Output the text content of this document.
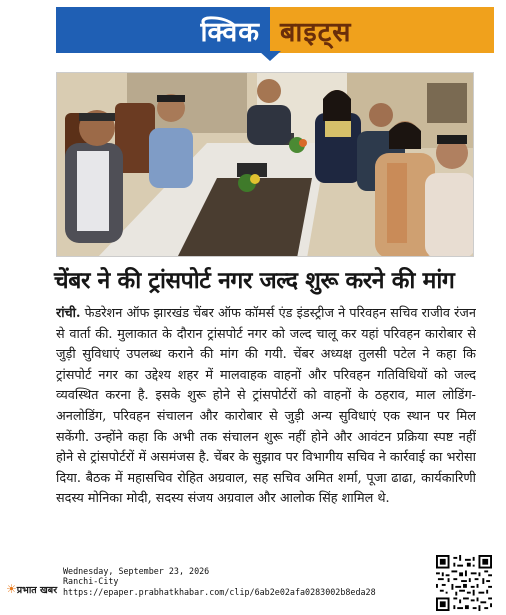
क्विक बाइट्स
चेंबर ने की ट्रांसपोर्ट नगर जल्द शुरू करने की मांग
रांची. फेडरेशन ऑफ झारखंड चेंबर ऑफ कॉमर्स एंड इंडस्ट्रीज ने परिवहन सचिव राजीव रंजन से वार्ता की. मुलाकात के दौरान ट्रांसपोर्ट नगर को जल्द चालू कर यहां परिवहन कारोबार से जुड़ी सुविधाएं उपलब्ध कराने की मांग की गयी. चेंबर अध्यक्ष तुलसी पटेल ने कहा कि ट्रांसपोर्ट नगर का उद्देश्य शहर में मालवाहक वाहनों और परिवहन गतिविधियों को जल्द व्यवस्थित करना है. इसके शुरू होने से ट्रांसपोर्टरों को वाहनों के ठहराव, माल लोडिंग-अनलोडिंग, परिवहन संचालन और कारोबार से जुड़ी अन्य सुविधाएं एक स्थान पर मिल सकेंगी. उन्होंने कहा कि अभी तक संचालन शुरू नहीं होने और आवंटन प्रक्रिया स्पष्ट नहीं होने से ट्रांसपोर्टरों में असमंजस है. चेंबर के सुझाव पर विभागीय सचिव ने कार्रवाई का भरोसा दिया. बैठक में महासचिव रोहित अग्रवाल, सह सचिव अमित शर्मा, पूजा ढाढा, कार्यकारिणी सदस्य मोनिका मोदी, सदस्य संजय अग्रवाल और आलोक सिंह शामिल थे.
☀प्रभात खबर
Wednesday, September 23, 2026
Ranchi-City
https://epaper.prabhatkhabar.com/clip/6ab2e02afa0283002b8eda28
